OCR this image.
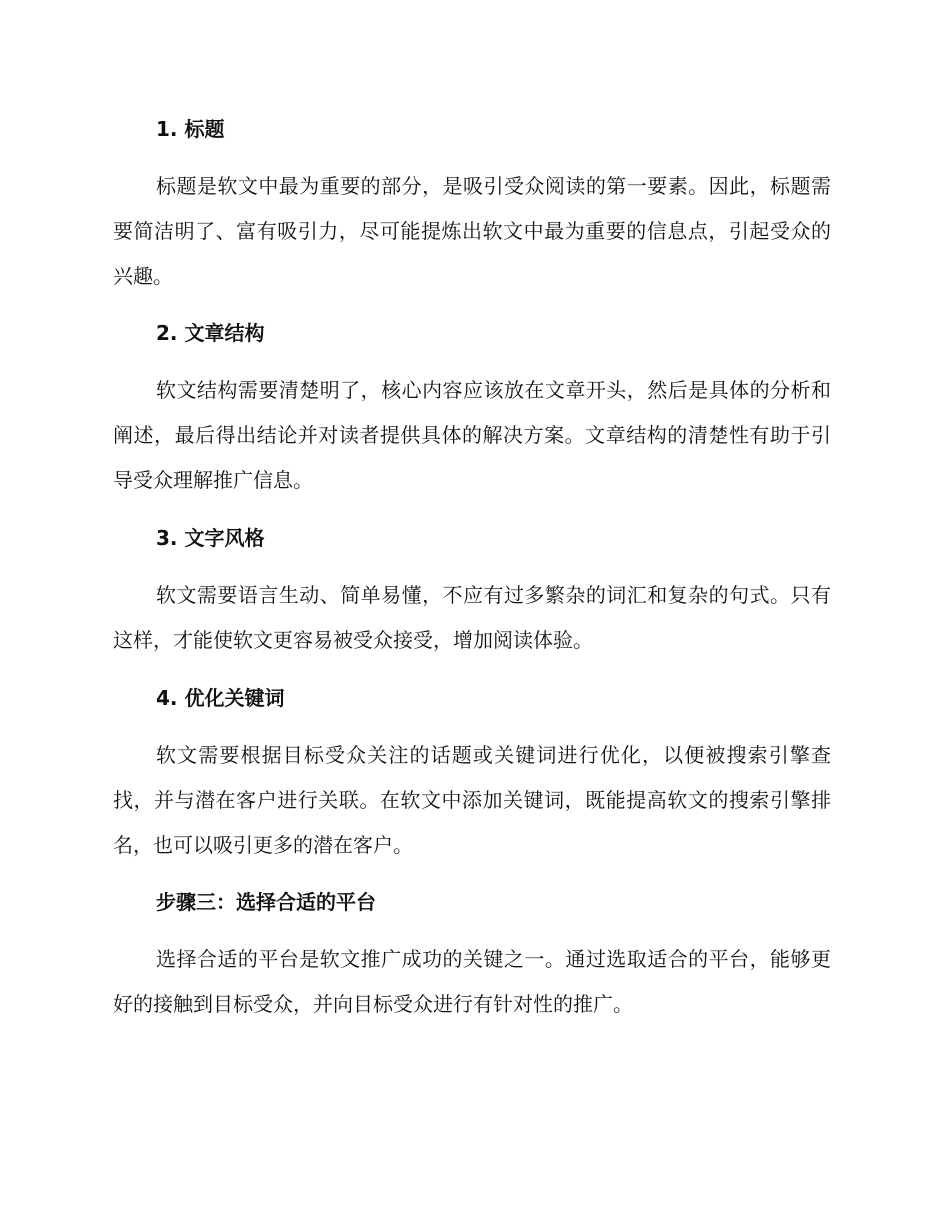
1. 标题
标题是软文中最为重要的部分，是吸引受众阅读的第一要素。因此，标题需要简洁明了、富有吸引力，尽可能提炼出软文中最为重要的信息点，引起受众的兴趣。
2. 文章结构
软文结构需要清楚明了，核心内容应该放在文章开头，然后是具体的分析和阐述，最后得出结论并对读者提供具体的解决方案。文章结构的清楚性有助于引导受众理解推广信息。
3. 文字风格
软文需要语言生动、简单易懂，不应有过多繁杂的词汇和复杂的句式。只有这样，才能使软文更容易被受众接受，增加阅读体验。
4. 优化关键词
软文需要根据目标受众关注的话题或关键词进行优化，以便被搜索引擎查找，并与潜在客户进行关联。在软文中添加关键词，既能提高软文的搜索引擎排名，也可以吸引更多的潜在客户。
步骤三：选择合适的平台
选择合适的平台是软文推广成功的关键之一。通过选取适合的平台，能够更好的接触到目标受众，并向目标受众进行有针对性的推广。
